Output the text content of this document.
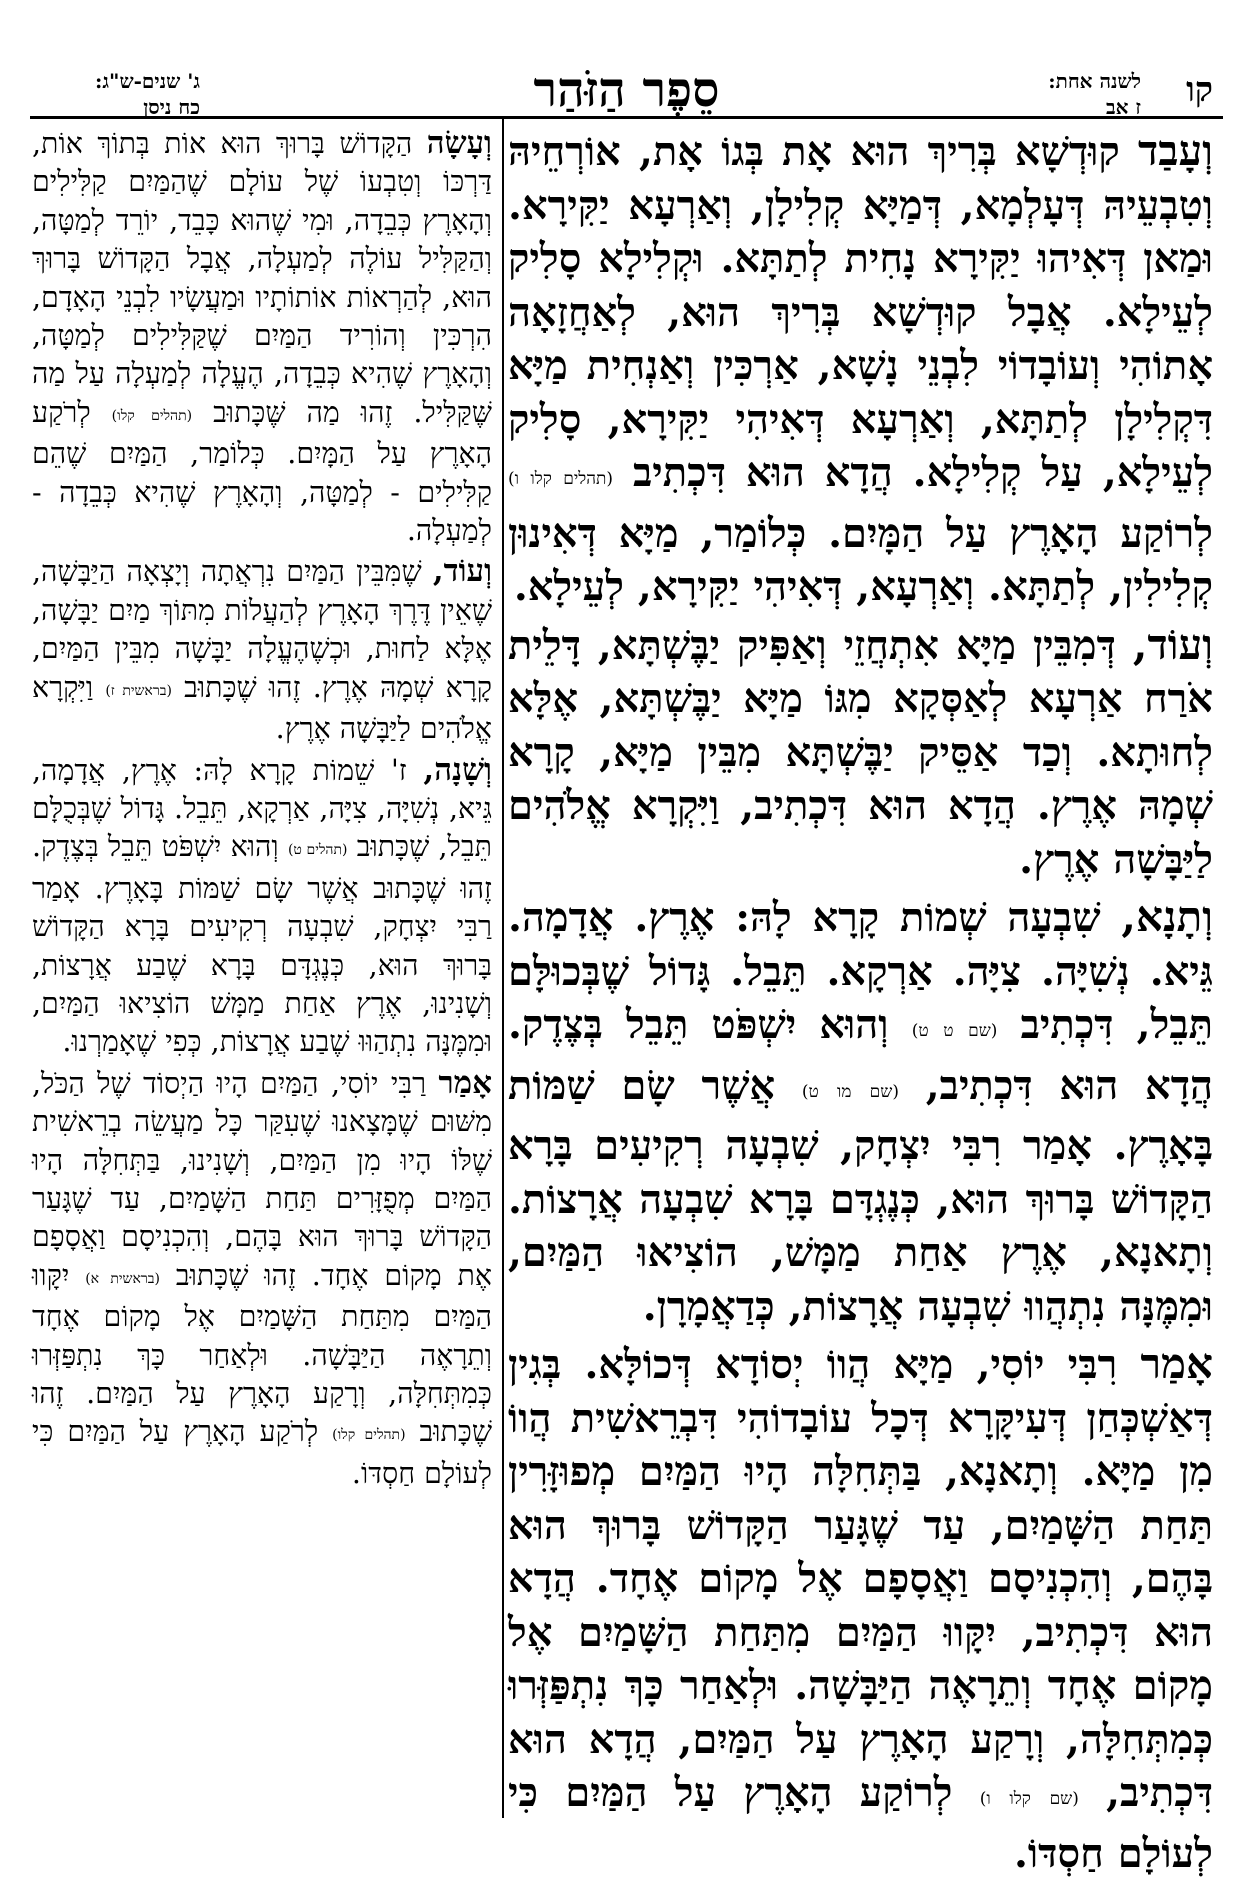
קו
לשנה אחת:
ז אב
סֵפֶר הַזֹּהַר
ג' שנים-ש"ג:
כח ניסן

וְעָבַד קוּדְשָׁא בְּרִיךְ הוּא אָת בְּגוֹ אָת, אוֹרְחֵיהּ וְטִבְעֵיהּ דְּעָלְמָא, דְּמַיָּא קְלִילָן, וְאַרְעָא יַקִּירָא. וּמַאן דְּאִיהוּ יַקִּירָא נָחִית לְתַתָּא. וּקְלִילָא סָלִיק לְעֵילָא. אֲבָל קוּדְשָׁא בְּרִיךְ הוּא, לְאַחֲזָאָה אָתוֹהִי וְעוֹבָדוֹי לִבְנֵי נָשָׁא, אַרְכִּין וְאַנְחִית מַיָּא דִּקְלִילָן לְתַתָּא, וְאַרְעָא דְּאִיהִי יַקִּירָא, סָלִיק לְעֵילָא, עַל קְלִילָא. הֲדָא הוּא דִּכְתִיב (תהלים קלו ו) לְרוֹקַע הָאָרֶץ עַל הַמָּיִם. כְּלוֹמַר, מַיָּא דְּאִינוּן קְלִילִין, לְתַתָּא. וְאַרְעָא, דְּאִיהִי יַקִּירָא, לְעֵילָא.

וְעוֹד, דְּמִבֵּין מַיָּא אִתְחֲזֵי וְאַפִּיק יַבֶּשְׁתָּא, דָּלֵית אֹרַח אַרְעָא לְאַסְּקָא מִגּוֹ מַיָּא יַבֶּשְׁתָּא, אֶלָּא לְחוּתָא. וְכַד אַסֵּיק יַבֶּשְׁתָּא מִבֵּין מַיָּא, קָרָא שְׁמָהּ אֶרֶץ. הֲדָא הוּא דִּכְתִיב, וַיִּקְרָא אֱלֹהִים לַיַּבָּשָׁה אֶרֶץ.

וְתָנָא, שִׁבְעָה שְׁמוֹת קָרָא לָהּ: אֶרֶץ. אֲדָמָה. גֵּיא. נְשִׁיָּה. צִיָּה. אַרְקָא. תֵּבֵל. גָּדוֹל שֶׁבְּכוּלָּם תֵּבֵל, דִּכְתִיב (שם ט ט) וְהוּא יִשְׁפֹּט תֵּבֵל בְּצֶדֶק. הֲדָא הוּא דִּכְתִיב, (שם מו ט) אֲשֶׁר שָׂם שַׁמּוֹת בָּאָרֶץ. אָמַר רִבִּי יִצְחָק, שִׁבְעָה רְקִיעִים בָּרָא הַקָּדוֹשׁ בָּרוּךְ הוּא, כְּנֶגְדָּם בָּרָא שִׁבְעָה אֲרָצוֹת. וְתָאנָא, אֶרֶץ אַחַת מַמָּשׁ, הוֹצִיאוּ הַמַּיִם, וּמִמֶּנָּה נִתְהֲווּ שִׁבְעָה אֲרָצוֹת, כְּדַאֲמָרָן.

אָמַר רִבִּי יוֹסִי, מַיָּא הֲווֹ יְסוֹדָא דְּכוֹלָּא. בְּגִין דְּאַשְׁכְּחַן דְּעִיקָּרָא דְּכָל עוֹבָדוֹהִי דִּבְרֵאשִׁית הֲווֹ מִן מַיָּא. וְתָאנָא, בַּתְּחִלָּה הָיוּ הַמַּיִם מְפוּזָּרִין תַּחַת הַשָּׁמַיִם, עַד שֶׁגָּעַר הַקָּדוֹשׁ בָּרוּךְ הוּא בָּהֶם, וְהִכְנִיסָם וַאֲסָפָם אֶל מָקוֹם אֶחָד. הֲדָא הוּא דִּכְתִיב, יִקָּווּ הַמַּיִם מִתַּחַת הַשָּׁמַיִם אֶל מָקוֹם אֶחָד וְתֵרָאֶה הַיַּבָּשָׁה. וּלְאַחַר כָּךְ נִתְפַּזְּרוּ כְּמִתְּחִלָּה, וְרָקַע הָאָרֶץ עַל הַמַּיִם, הֲדָא הוּא דִּכְתִיב, (שם קלו ו) לְרוֹקַע הָאָרֶץ עַל הַמַּיִם כִּי לְעוֹלָם חַסְדּוֹ.

וְעָשָׂה הַקָּדוֹשׁ בָּרוּךְ הוּא אוֹת בְּתוֹךְ אוֹת, דַּרְכּוֹ וְטִבְעוֹ שֶׁל עוֹלָם שֶׁהַמַּיִם קַלִּילִים וְהָאָרֶץ כְּבֵדָה, וּמִי שֶׁהוּא כָּבֵד, יוֹרֵד לְמַטָּה, וְהַקַּלִּיל עוֹלֶה לְמַעְלָה, אֲבָל הַקָּדוֹשׁ בָּרוּךְ הוּא, לְהַרְאוֹת אוֹתוֹתָיו וּמַעֲשָׂיו לִבְנֵי הָאָדָם, הִרְכִּין וְהוֹרִיד הַמַּיִם שֶׁקַּלִּילִים לְמַטָּה, וְהָאָרֶץ שֶׁהִיא כְּבֵדָה, הֶעֱלָה לְמַעְלָה עַל מַה שֶּׁקַּלִּיל. זֶהוּ מַה שֶּׁכָּתוּב (תהלים קלו) לְרֹקַע הָאָרֶץ עַל הַמָּיִם. כְּלוֹמַר, הַמַּיִם שֶׁהֵם קַלִּילִים - לְמַטָּה, וְהָאָרֶץ שֶׁהִיא כְּבֵדָה - לְמַעְלָה.

וְעוֹד, שֶׁמִּבֵּין הַמַּיִם נִרְאֲתָה וְיָצְאָה הַיַּבָּשָׁה, שֶׁאֵין דֶּרֶךְ הָאָרֶץ לְהַעֲלוֹת מִתּוֹךְ מַיִם יַבָּשָׁה, אֶלָּא לַחוּת, וּכְשֶׁהֶעֱלָה יַבָּשָׁה מִבֵּין הַמַּיִם, קָרָא שְׁמָהּ אֶרֶץ. זֶהוּ שֶׁכָּתוּב (בראשית ז) וַיִּקְרָא אֱלֹהִים לַיַּבָּשָׁה אֶרֶץ.

וְשָׁנָה, ז' שֵׁמוֹת קָרָא לָהּ: אֶרֶץ, אֲדָמָה, גֵּיא, נְשִׁיָּה, צִיָּה, אַרְקָא, תֵּבֵל. גָּדוֹל שֶׁבְּכֻלָּם תֵּבֵל, שֶׁכָּתוּב (תהלים ט) וְהוּא יִשְׁפֹּט תֵּבֵל בְּצֶדֶק. זֶהוּ שֶׁכָּתוּב אֲשֶׁר שָׂם שַׁמּוֹת בָּאָרֶץ. אָמַר רַבִּי יִצְחָק, שִׁבְעָה רְקִיעִים בָּרָא הַקָּדוֹשׁ בָּרוּךְ הוּא, כְּנֶגְדָּם בָּרָא שֶׁבַע אֲרָצוֹת, וְשָׁנִינוּ, אֶרֶץ אַחַת מַמָּשׁ הוֹצִיאוּ הַמַּיִם, וּמִמֶּנָּה נִתְהַוּוּ שֶׁבַע אֲרָצוֹת, כְּפִי שֶׁאָמַרְנוּ.

אָמַר רַבִּי יוֹסִי, הַמַּיִם הָיוּ הַיְסוֹד שֶׁל הַכֹּל, מִשּׁוּם שֶׁמָּצָאנוּ שֶׁעִקַּר כָּל מַעֲשֵׂה בְרֵאשִׁית שֶׁלּוֹ הָיוּ מִן הַמַּיִם, וְשָׁנִינוּ, בַּתְּחִלָּה הָיוּ הַמַּיִם מְפֻזָּרִים תַּחַת הַשָּׁמַיִם, עַד שֶׁגָּעַר הַקָּדוֹשׁ בָּרוּךְ הוּא בָּהֶם, וְהִכְנִיסָם וַאֲסָפָם אֶת מָקוֹם אֶחָד. זֶהוּ שֶׁכָּתוּב (בראשית א) יִקָּווּ הַמַּיִם מִתַּחַת הַשָּׁמַיִם אֶל מָקוֹם אֶחָד וְתֵרָאֶה הַיַּבָּשָׁה. וּלְאַחַר כָּךְ נִתְפַּזְּרוּ כְּמִתְּחִלָּה, וְרָקַע הָאָרֶץ עַל הַמַּיִם. זֶהוּ שֶׁכָּתוּב (תהלים קלו) לְרֹקַע הָאָרֶץ עַל הַמַּיִם כִּי לְעוֹלָם חַסְדּוֹ.
